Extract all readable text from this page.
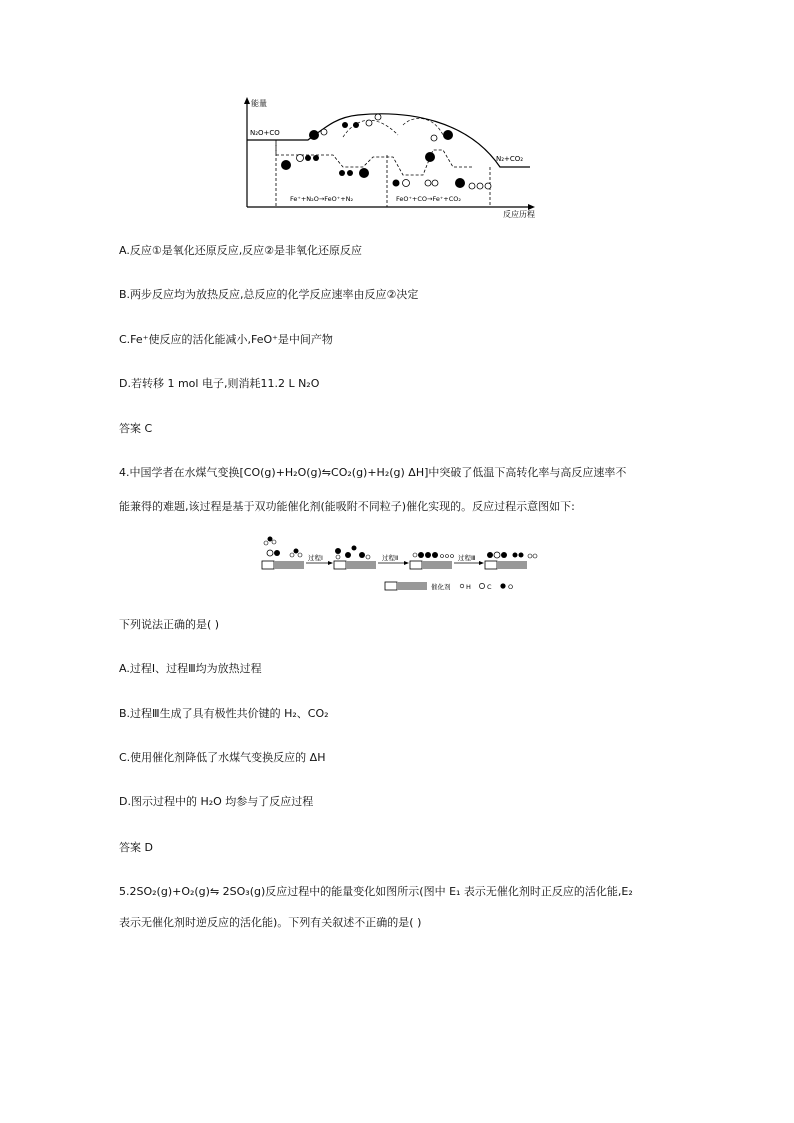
能量
反应历程
N₂O+CO
N₂+CO₂
Fe⁺+N₂O→FeO⁺+N₂	FeO⁺+CO→Fe⁺+CO₂
A.反应①是氧化还原反应,反应②是非氧化还原反应
B.两步反应均为放热反应,总反应的化学反应速率由反应②决定
C.Fe⁺使反应的活化能减小,FeO⁺是中间产物
D.若转移 1 mol 电子,则消耗11.2 L N₂O
答案 C
4.中国学者在水煤气变换[CO(g)+H₂O(g)⇋CO₂(g)+H₂(g) ΔH]中突破了低温下高转化率与高反应速率不
能兼得的难题,该过程是基于双功能催化剂(能吸附不同粒子)催化实现的。反应过程示意图如下:
过程Ⅰ	过程Ⅱ	过程Ⅲ
催化剂 H C	O
下列说法正确的是( )
A.过程Ⅰ、过程Ⅲ均为放热过程
B.过程Ⅲ生成了具有极性共价键的 H₂、CO₂
C.使用催化剂降低了水煤气变换反应的 ΔH
D.图示过程中的 H₂O 均参与了反应过程
答案 D
5.2SO₂(g)+O₂(g)⇋ 2SO₃(g)反应过程中的能量变化如图所示(图中 E₁ 表示无催化剂时正反应的活化能,E₂
表示无催化剂时逆反应的活化能)。下列有关叙述不正确的是( )
